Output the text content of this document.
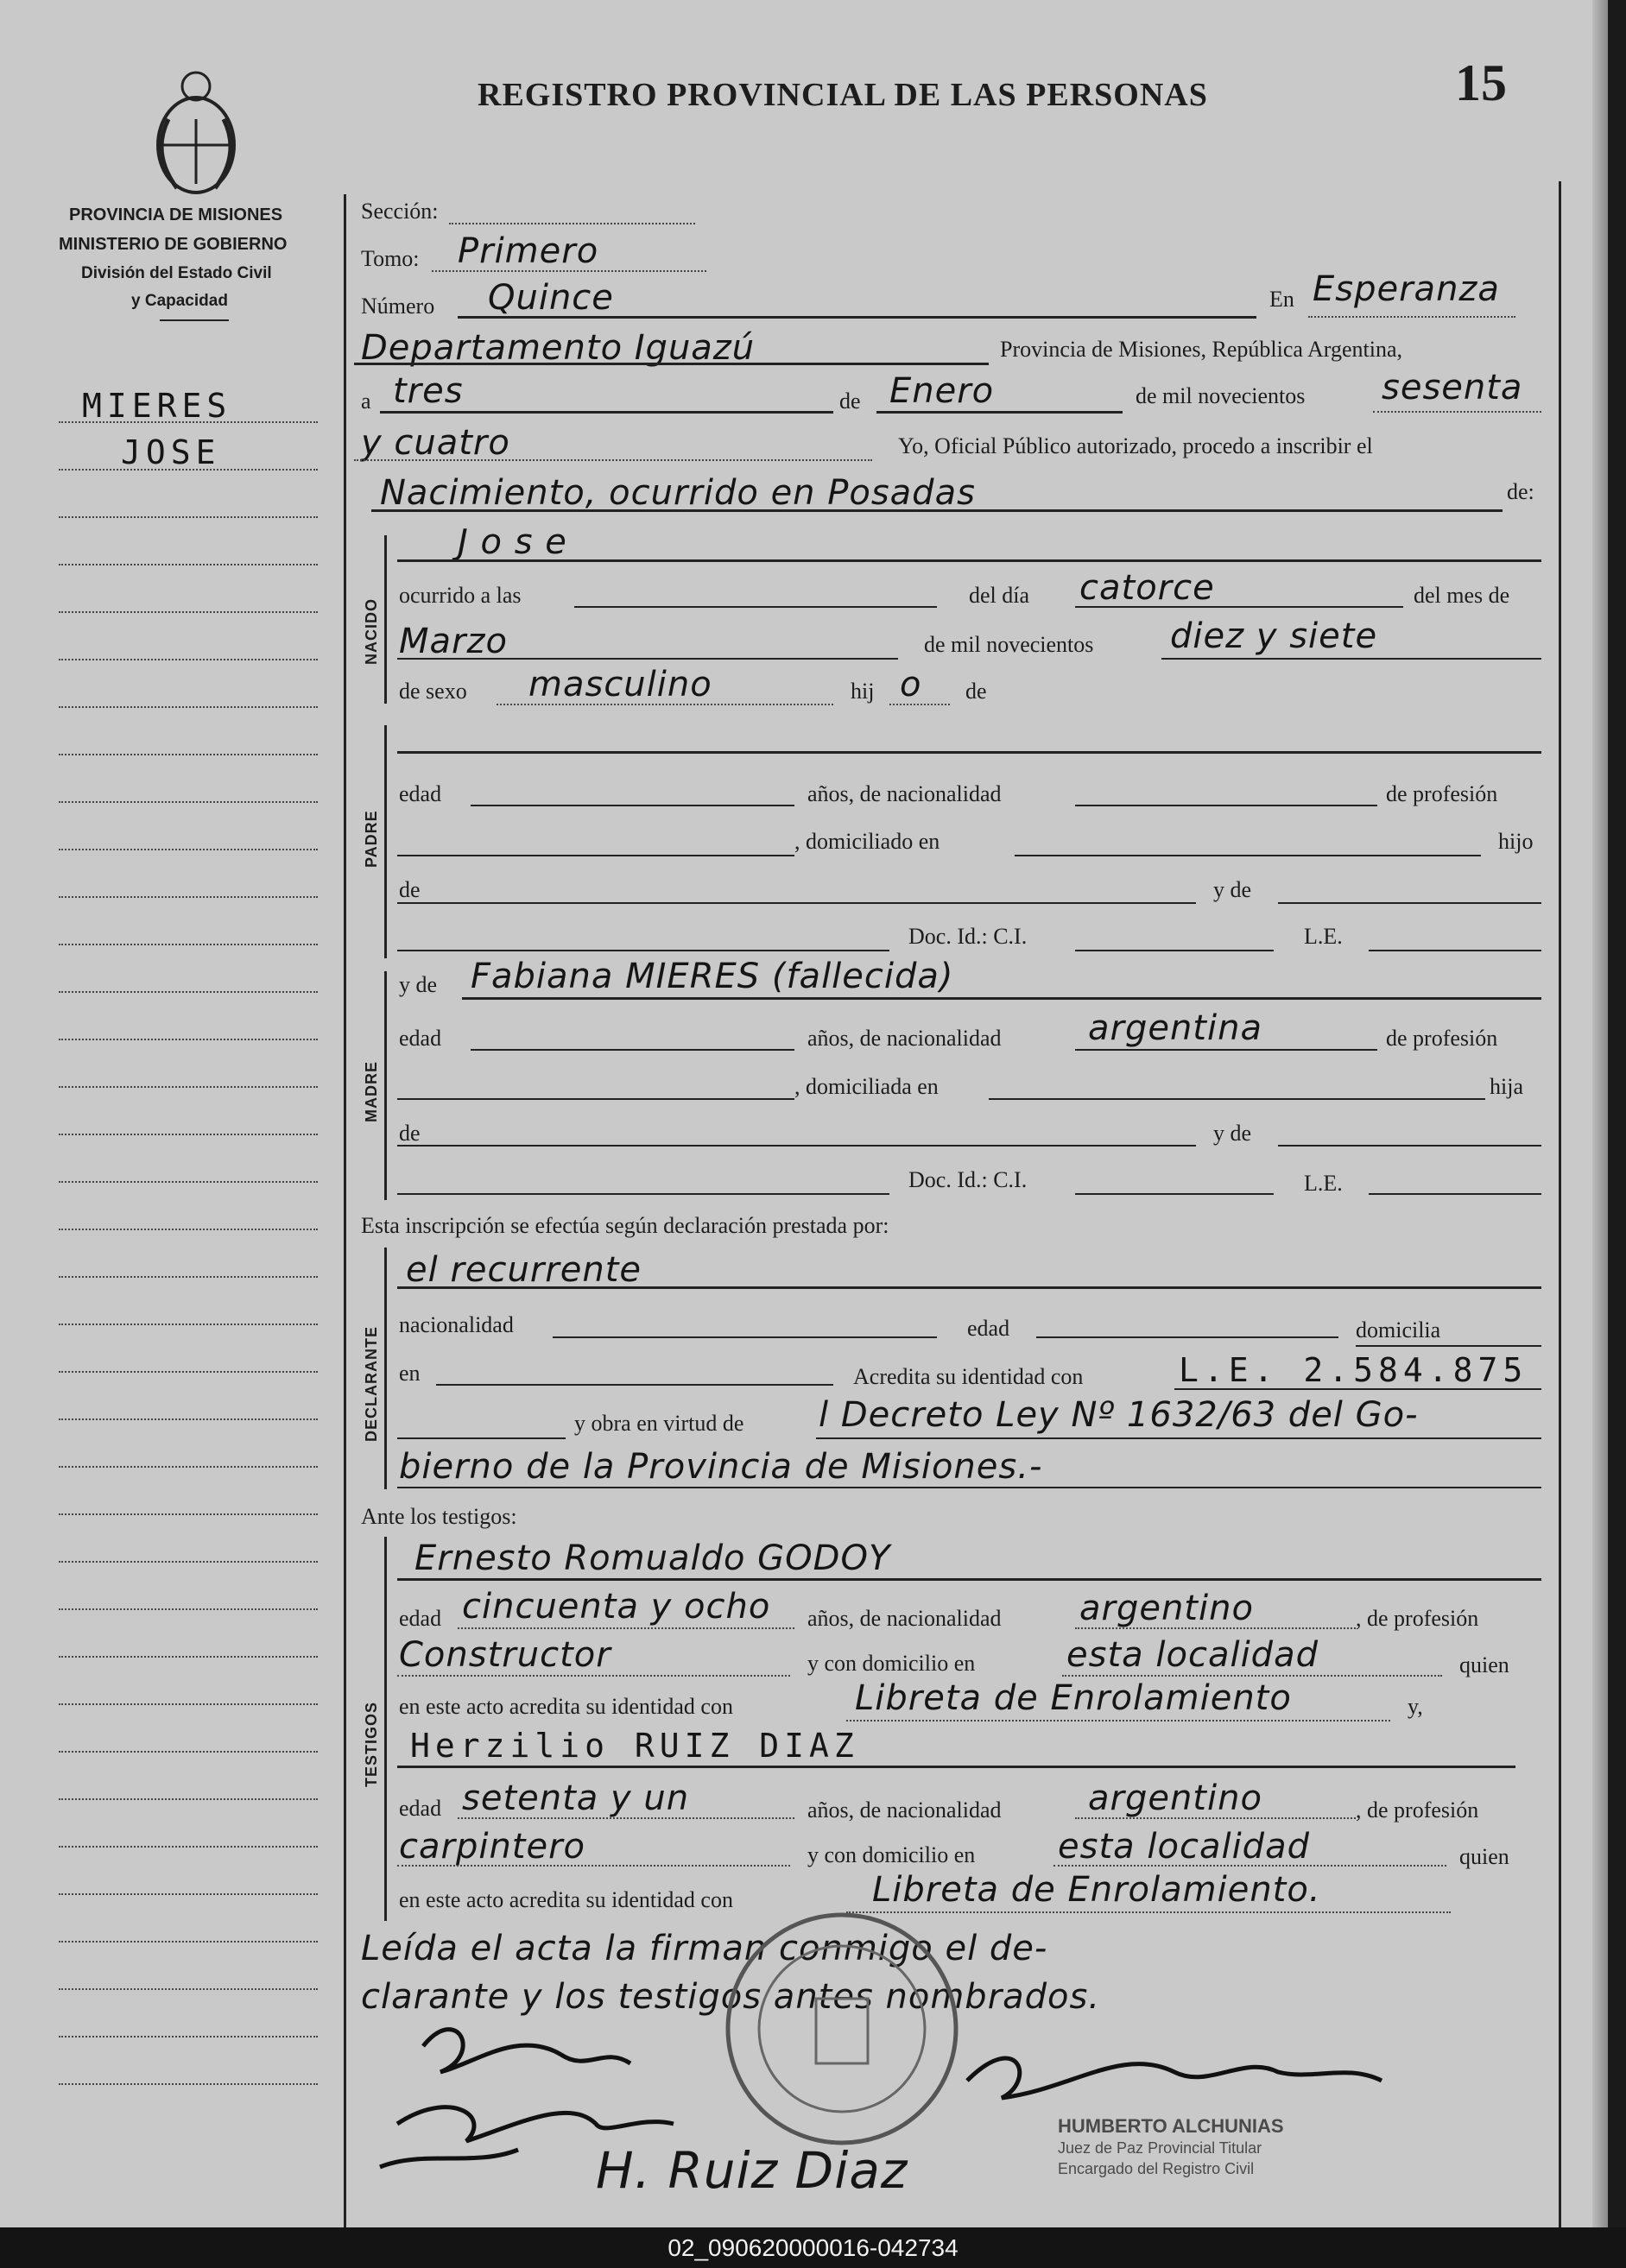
REGISTRO PROVINCIAL DE LAS PERSONAS	15
PROVINCIA DE MISIONES
MINISTERIO DE GOBIERNO
División del Estado Civil
y Capacidad
MIERES
JOSE
Sección:
Tomo: Primero
Número Quince	En Esperanza
Departamento Iguazú	Provincia de Misiones, República Argentina,
a tres	de Enero	de mil novecientos sesenta
y cuatro	Yo, Oficial Público autorizado, procedo a inscribir el
Nacimiento, ocurrido en Posadas	de:
NACIDO
J o s e
ocurrido a las	del día catorce	del mes de
Marzo	de mil novecientos diez y siete
de sexo masculino	hij o de
PADRE
edad	años, de nacionalidad	de profesión
, domiciliado en	hijo
de	y de
Doc. Id.: C.I.	L.E.
MADRE
y de Fabiana MIERES (fallecida)
edad	años, de nacionalidad	argentina	de profesión
, domiciliada en	hija
de	y de
Doc. Id.: C.I.	L.E.
Esta inscripción se efectúa según declaración prestada por:
DECLARANTE
el recurrente
nacionalidad	edad	domicilia
en	Acredita su identidad con	L.E. 2.584.875
y obra en virtud de l Decreto Ley Nº 1632/63 del Go-
bierno de la Provincia de Misiones.-
Ante los testigos:
TESTIGOS
Ernesto Romualdo GODOY
edad cincuenta y ocho años, de nacionalidad argentino	, de profesión
Constructor	y con domicilio en	esta localidad	quien
en este acto acredita su identidad con	Libreta de Enrolamiento	y,
Herzilio RUIZ DIAZ
edad setenta y un	años, de nacionalidad	argentino	, de profesión
carpintero	y con domicilio en esta localidad	quien
en este acto acredita su identidad con	Libreta de Enrolamiento.
Leída el acta la firman conmigo el de-
clarante y los testigos antes nombrados.
H. Ruiz Diaz
HUMBERTO ALCHUNIAS
Juez de Paz Provincial Titular
Encargado del Registro Civil
02_090620000016-042734
